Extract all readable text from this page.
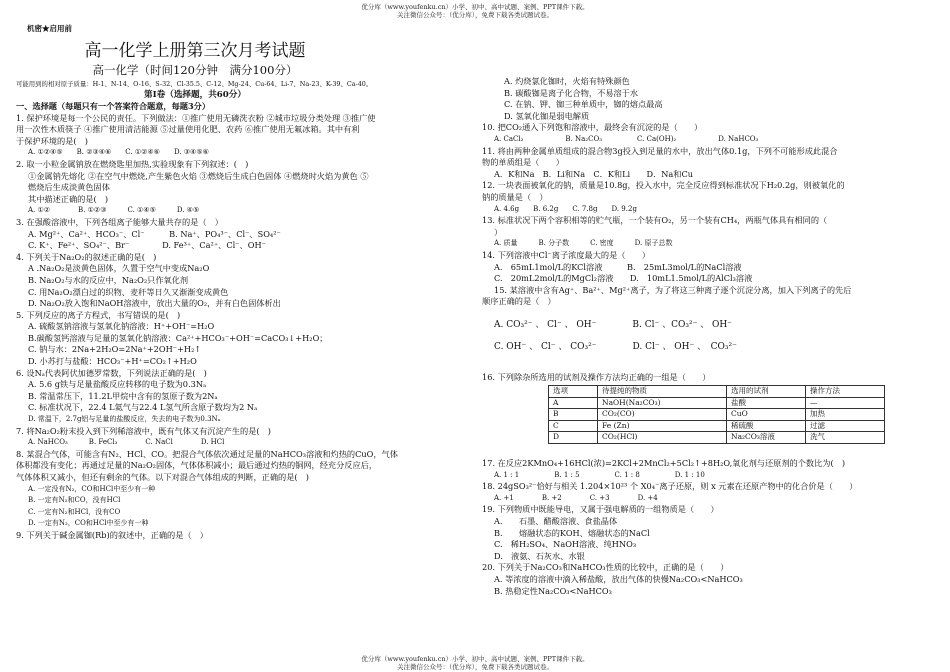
优分库（www.youfenku.cn）小学、初中、高中试题、案例、PPT课件下载。
关注微信公众号：（优分库），免费下载各类试题试卷。
机密★启用前
高一化学上册第三次月考试题
高一化学（时间120分钟　满分100分）
可能用到的相对原子质量：H-1、N-14、O-16、S-32、Cl-35.5、C-12、Mg-24、Cu-64、Li-7、Na-23、K-39、Ca-40。
第Ⅰ卷（选择题，共60分）
一、选择题（每题只有一个答案符合题意，每题3分）
1. 保护环境是每一个公民的责任。下列做法：①推广使用无磷洗衣粉 ②城市垃圾分类处理 ③推广使
用一次性木质筷子 ④推广使用清洁能源 ⑤过量使用化肥、农药 ⑥推广使用无氟冰箱。其中有利
于保护环境的是(　)
A. ①②④⑤　　B. ②③④⑥　　C. ①②④⑥　　D. ③④⑤⑥
2. 取一小粒金属钠放在燃烧匙里加热,实验现象有下列叙述：(　)
①金属钠先熔化 ②在空气中燃烧,产生紫色火焰 ③燃烧后生成白色固体 ④燃烧时火焰为黄色 ⑤
燃烧后生成淡黄色固体
其中描述正确的是(　)
A. ①②　　　　B. ①②③　　　C. ①④⑤　　　D. ④⑤
3. 在强酸溶液中，下列各组离子能够大量共存的是（　）
A. Mg²⁺、Ca²⁺、HCO₃⁻、Cl⁻　　　B. Na⁺、PO₄³⁻、Cl⁻、SO₄²⁻
C. K⁺、Fe²⁺、SO₄²⁻、Br⁻　　　　D. Fe³⁺、Ca²⁺、Cl⁻、OH⁻
4. 下列关于Na₂O₂的叙述正确的是(　)
A .Na₂O₂是淡黄色固体，久置于空气中变成Na₂O
B. Na₂O₂与水的反应中，Na₂O₂只作氧化剂
C. 用Na₂O₂漂白过的织物、麦秆等日久又渐渐变成黄色
D. Na₂O₂放入饱和NaOH溶液中，放出大量的O₂，并有白色固体析出
5. 下列反应的离子方程式，书写错误的是(　)
A. 硫酸氢钠溶液与氢氧化钠溶液：H⁺+OH⁻=H₂O
B.碳酸氢钙溶液与足量的氢氧化钠溶液：Ca²⁺+HCO₃⁻+OH⁻=CaCO₃↓+H₂O；
C. 钠与水：2Na+2H₂O=2Na⁺+2OH⁻+H₂↑
D. 小苏打与盐酸：HCO₃⁻+H⁺=CO₂↑+H₂O
6. 设Nₐ代表阿伏加德罗常数，下列说法正确的是(　)
A. 5.6 g铁与足量盐酸反应转移的电子数为0.3Nₐ
B. 常温常压下，11.2L甲烷中含有的氢原子数为2Nₐ
C. 标准状况下，22.4 L氦气与22.4 L氢气所含原子数均为2 Nₐ
D. 常温下，2.7g铝与足量的盐酸反应，失去的电子数为0.3Nₐ
7. 将Na₂O₂粉末投入到下列稀溶液中，既有气体又有沉淀产生的是(　)
A. NaHCO₃　　　B. FeCl₃　　　　C. NaCl　　　　D. HCl
8. 某混合气体，可能含有N₂、HCl、CO。把混合气体依次通过足量的NaHCO₃溶液和灼热的CuO，气体
体积都没有变化；再通过足量的Na₂O₂固体，气体体积减小；最后通过灼热的铜网，经充分反应后，
气体体积又减小，但还有剩余的气体。以下对混合气体组成的判断，正确的是(　)
A. 一定没有N₂，CO和HCl中至少有一种
B. 一定有N₂和CO，没有HCl
C. 一定有N₂和HCl，没有CO
D. 一定有N₂，CO和HCl中至少有一种
9. 下列关于碱金属铷(Rb)的叙述中，正确的是（　）
A. 灼烧氯化铷时，火焰有特殊颜色
B. 碳酸铷是离子化合物，不易溶于水
C. 在钠、钾、铷三种单质中，铷的熔点最高
D. 氢氧化铷是弱电解质
10. 把CO₂通入下列饱和溶液中，最终会有沉淀的是（　　）
A. CaCl₂　　　　　　B. Na₂CO₃　　　　　C. Ca(OH)₂　　　　　　D. NaHCO₃
11. 将由两种金属单质组成的混合物3g投入到足量的水中，放出气体0.1g，下列不可能形成此混合
物的单质组是（　　）
A．K和Na　B．Li和Na　C．K和Li　　D．Na和Cu
12. 一块表面被氧化的钠，质量是10.8g，投入水中，完全反应得到标准状况下H₂0.2g，则被氧化的
钠的质量是（　）
A. 4.6g　　B. 6.2g　　C. 7.8g　　D. 9.2g
13. 标准状况下两个容积相等的贮气瓶，一个装有O₂，另一个装有CH₄，两瓶气体具有相同的（
）
A. 质量　　　B. 分子数　　　C. 密度　　　D. 原子总数
14. 下列溶液中Cl⁻离子浓度最大的是（　　）
A.　65mL1mol/L的KCl溶液　　　B.　25mL3mol/L的NaCl溶液
C.　20mL2mol/L的MgCl₂溶液　　D.　10mL1.5mol/L的AlCl₃溶液
15. 某溶液中含有Ag⁺、Ba²⁺、Mg²⁺离子，为了将这三种离子逐个沉淀分离，加入下列离子的先后
顺序正确的是（　）
A. CO₃²⁻ 、 Cl⁻ 、 OH⁻　　　　B. Cl⁻ 、CO₃²⁻ 、 OH⁻
C. OH⁻ 、 Cl⁻ 、 CO₃²⁻　　　　D. Cl⁻ 、 OH⁻ 、　CO₃²⁻
16. 下列除杂所选用的试剂及操作方法均正确的一组是（　　）
选项	待提纯的物质	选用的试剂	操作方法
A	NaOH(Na₂CO₃)	盐酸	—
B	CO₂(CO)	CuO	加热
C	Fe (Zn)	稀硫酸	过滤
D	CO₂(HCl)	Na₂CO₃溶液	洗气
17. 在反应2KMnO₄+16HCl(浓)=2KCl+2MnCl₂+5Cl₂↑+8H₂O,氧化剂与还原剂的个数比为(　)
A. 1 : 1　　　　　B. 1 : 5　　　　　C. 1 : 8　　　　　D. 1 : 10
18. 24gSO₃²⁻恰好与相关 1.204×10²³ 个 X0₄⁻离子还原，则 x 元素在还原产物中的化合价是（　　）
A. +1　　　　B. +2　　　　C. +3　　　　D. +4
19. 下列物质中既能导电，又属于强电解质的一组物质是（　　）
A.　　石墨、醋酸溶液、食盐晶体
B.　　熔融状态的KOH、熔融状态的NaCl
C.　稀H₂SO₄、NaOH溶液、纯HNO₃
D.　液氨、石灰水、水银
20. 下列关于Na₂CO₃和NaHCO₃性质的比较中，正确的是（　　）
A. 等浓度的溶液中滴入稀盐酸，放出气体的快慢Na₂CO₃<NaHCO₃
B. 热稳定性Na₂CO₃<NaHCO₃
优分库（www.youfenku.cn）小学、初中、高中试题、案例、PPT课件下载。
关注微信公众号：（优分库），免费下载各类试题试卷。
